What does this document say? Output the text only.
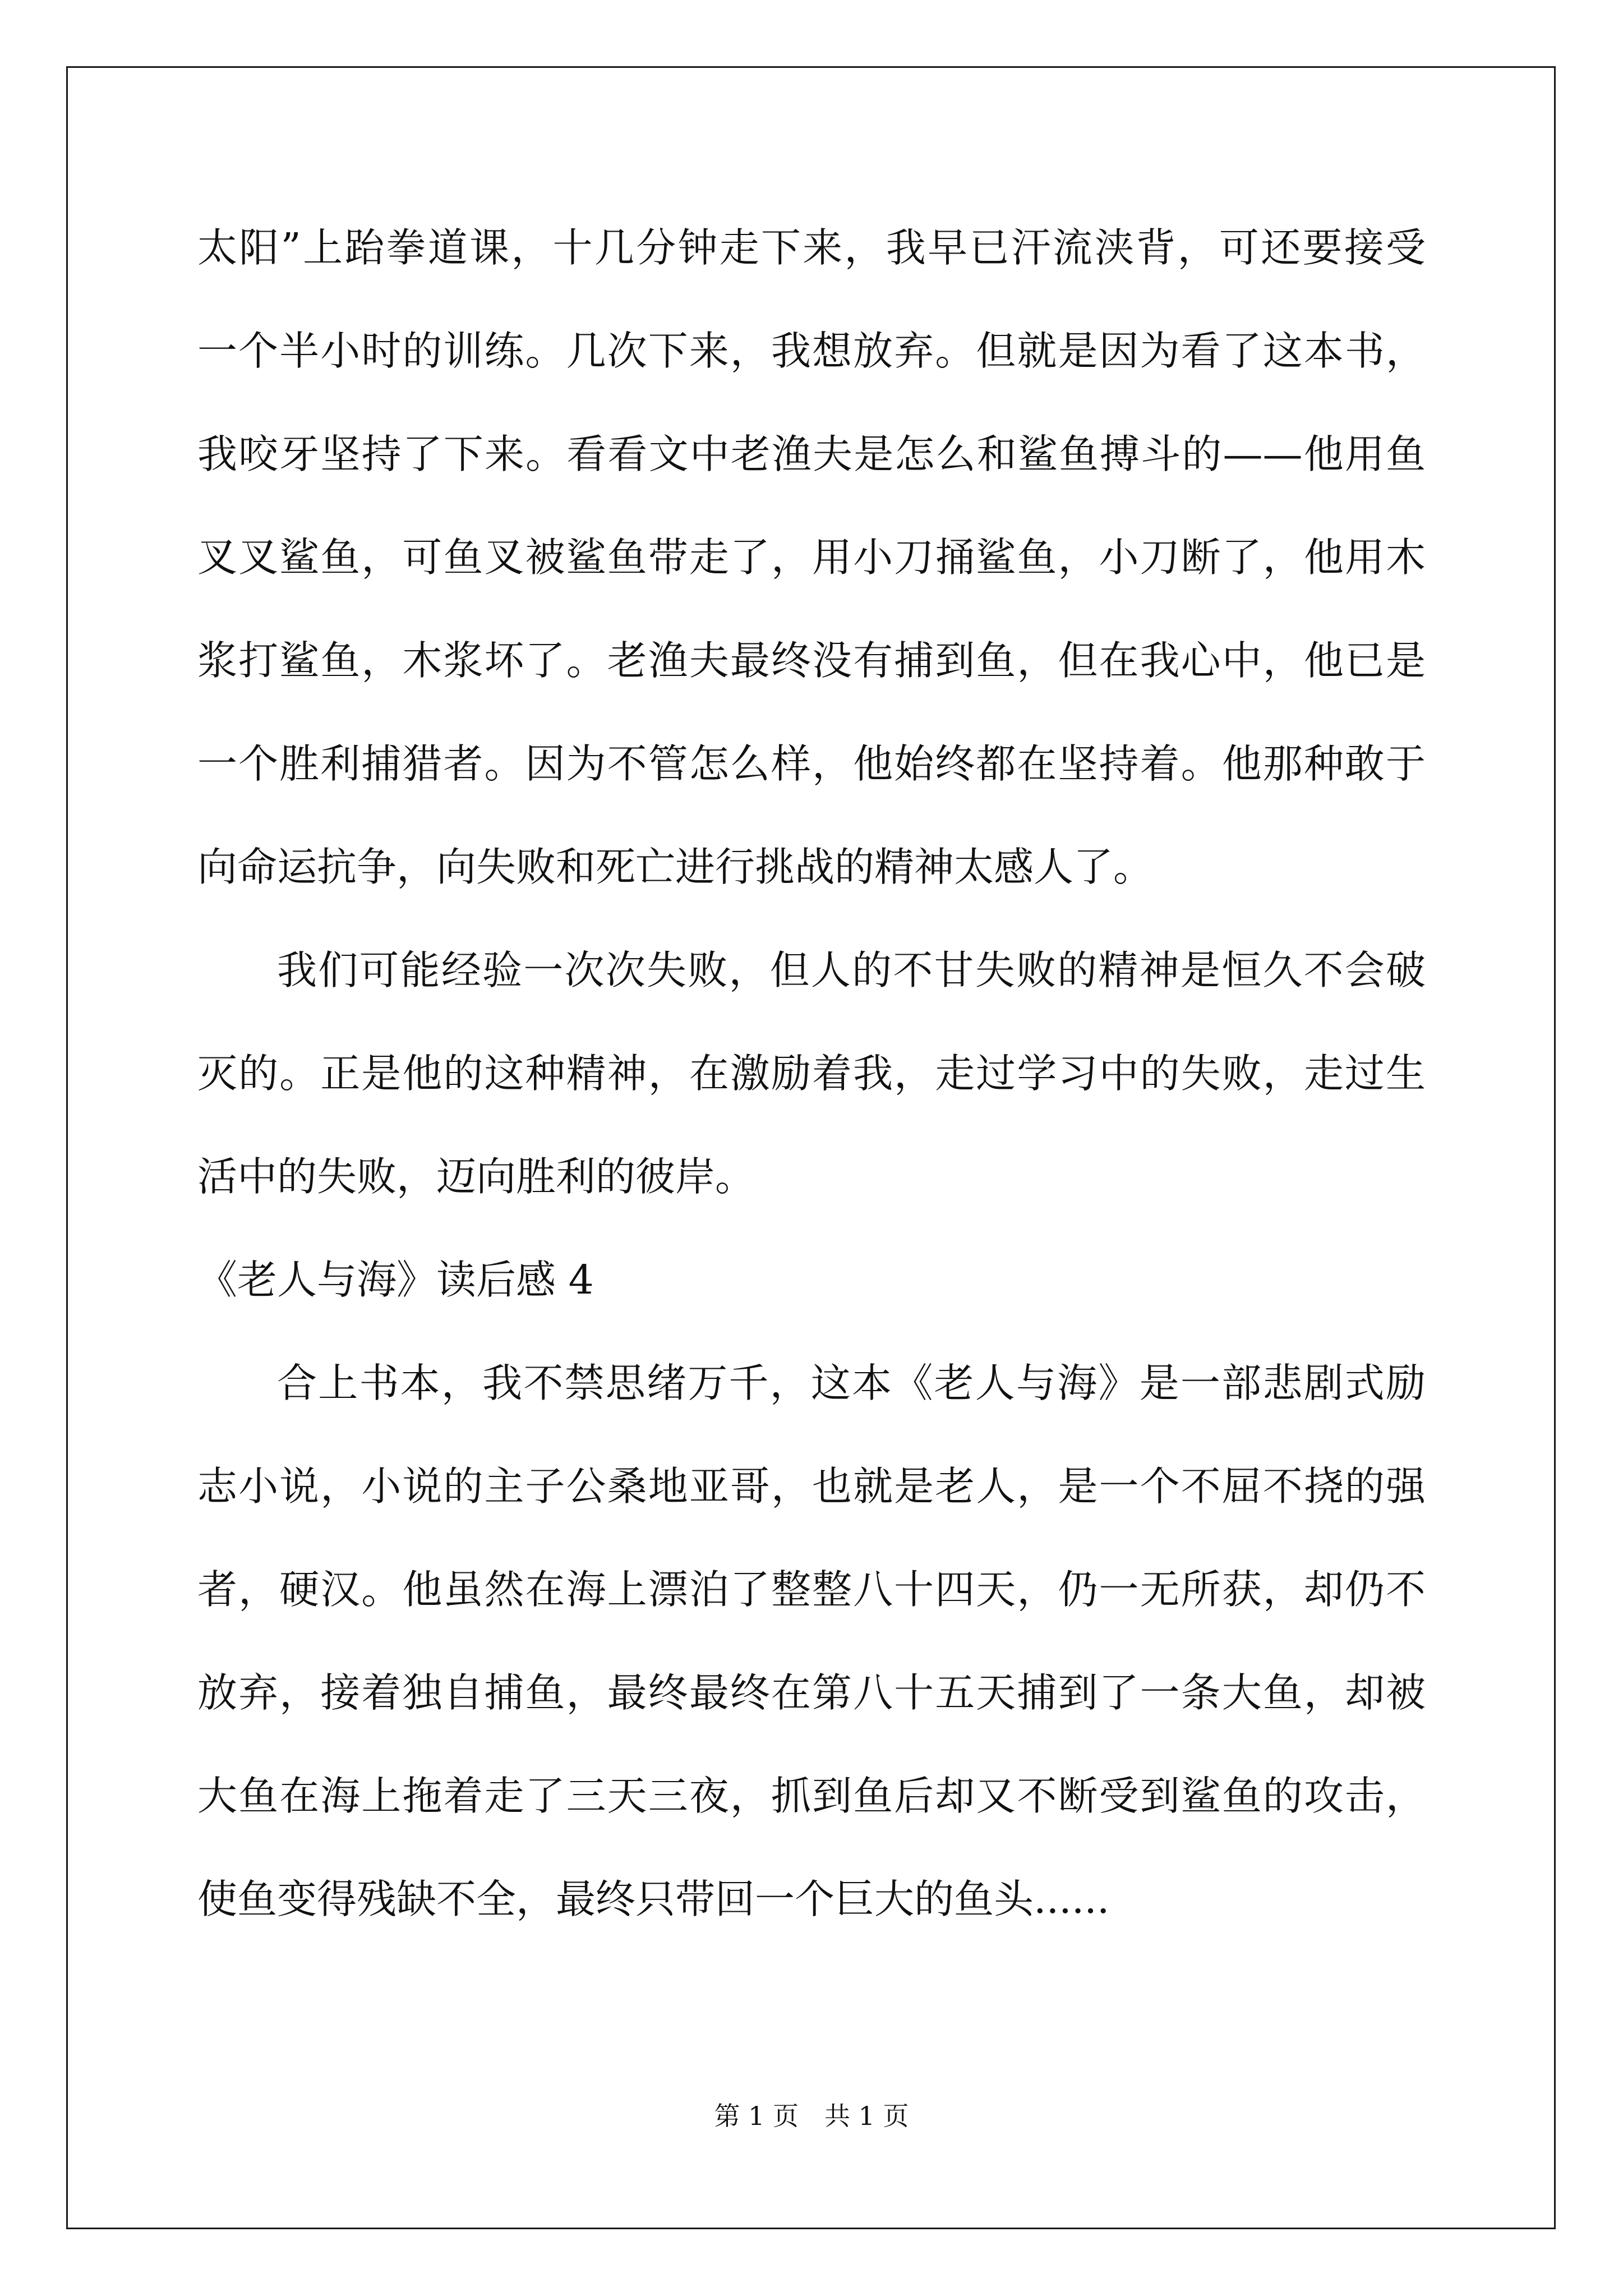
太阳”上跆拳道课，十几分钟走下来，我早已汗流浃背，可还要接受
一个半小时的训练。几次下来，我想放弃。但就是因为看了这本书，
我咬牙坚持了下来。看看文中老渔夫是怎么和鲨鱼搏斗的——他用鱼
叉叉鲨鱼，可鱼叉被鲨鱼带走了，用小刀捅鲨鱼，小刀断了，他用木
浆打鲨鱼，木浆坏了。老渔夫最终没有捕到鱼，但在我心中，他已是
一个胜利捕猎者。因为不管怎么样，他始终都在坚持着。他那种敢于
向命运抗争，向失败和死亡进行挑战的精神太感人了。
我们可能经验一次次失败，但人的不甘失败的精神是恒久不会破
灭的。正是他的这种精神，在激励着我，走过学习中的失败，走过生
活中的失败，迈向胜利的彼岸。
《老人与海》读后感 4
合上书本，我不禁思绪万千，这本《老人与海》是一部悲剧式励
志小说，小说的主子公桑地亚哥，也就是老人，是一个不屈不挠的强
者，硬汉。他虽然在海上漂泊了整整八十四天，仍一无所获，却仍不
放弃，接着独自捕鱼，最终最终在第八十五天捕到了一条大鱼，却被
大鱼在海上拖着走了三天三夜，抓到鱼后却又不断受到鲨鱼的攻击，
使鱼变得残缺不全，最终只带回一个巨大的鱼头......
第 1 页　共 1 页
